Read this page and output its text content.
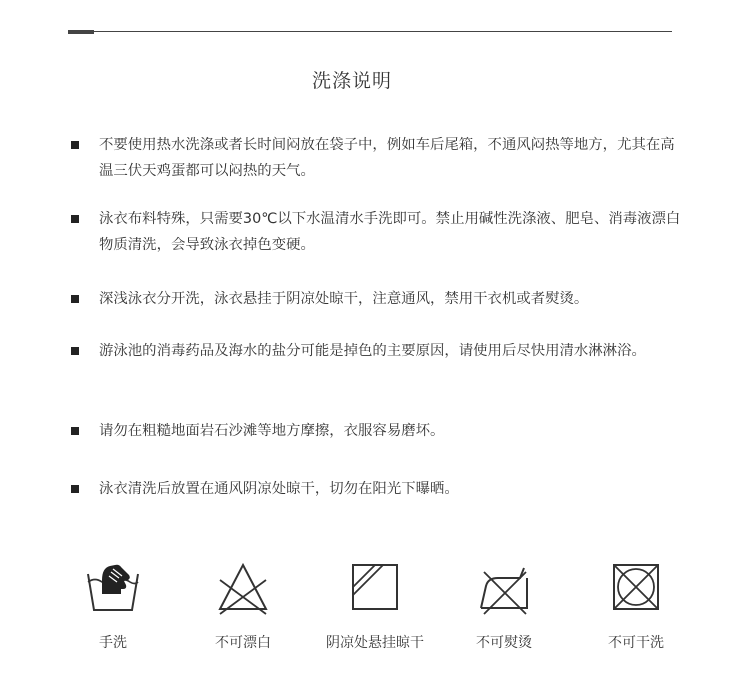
洗涤说明
不要使用热水洗涤或者长时间闷放在袋子中，例如车后尾箱，不通风闷热等地方，尤其在高温三伏天鸡蛋都可以闷热的天气。
泳衣布料特殊，只需要30℃以下水温清水手洗即可。禁止用碱性洗涤液、肥皂、消毒液漂白物质清洗，会导致泳衣掉色变硬。
深浅泳衣分开洗，泳衣悬挂于阴凉处晾干，注意通风，禁用干衣机或者熨烫。
游泳池的消毒药品及海水的盐分可能是掉色的主要原因，请使用后尽快用清水淋淋浴。
请勿在粗糙地面岩石沙滩等地方摩擦，衣服容易磨坏。
泳衣清洗后放置在通风阴凉处晾干，切勿在阳光下曝晒。
手洗	不可漂白	阴凉处悬挂晾干	不可熨烫	不可干洗
